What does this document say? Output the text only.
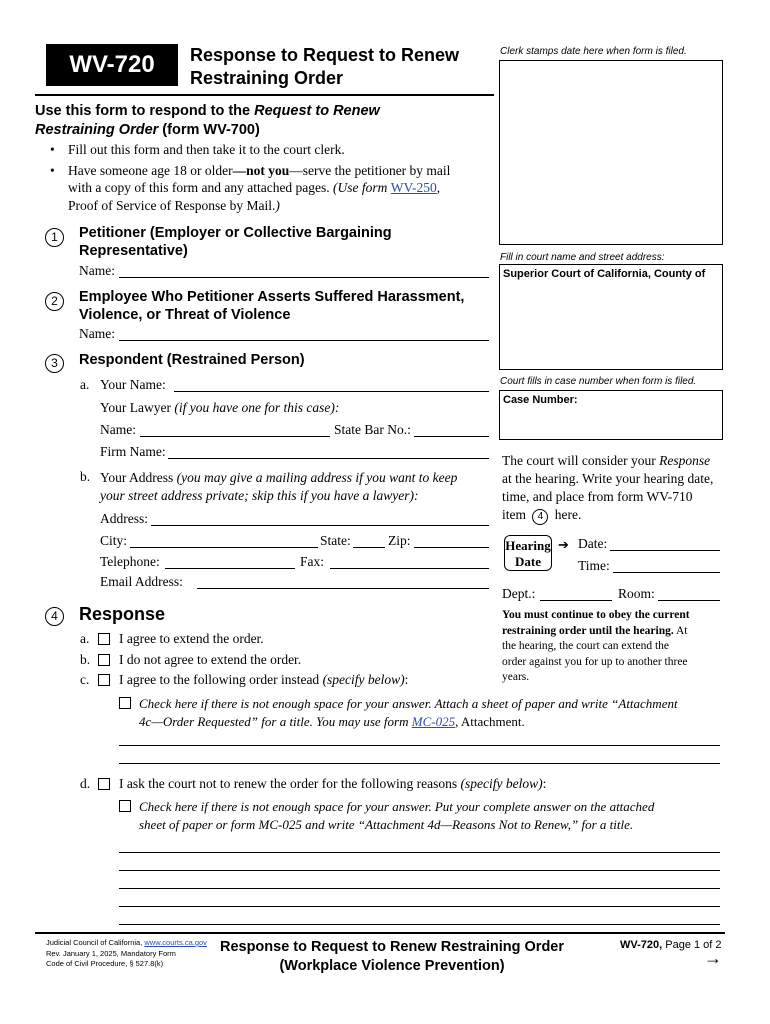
WV-720	Response to Request to Renew
Restraining Order
Clerk stamps date here when form is filed.
Fill in court name and street address:
Superior Court of California, County of
Court fills in case number when form is filed.
Case Number:
The court will consider your Response
at the hearing. Write your hearing date,
time, and place from form WV-710
item 4 here.
Hearing
Date
➔ Date:
Time:
Dept.:	Room:
You must continue to obey the current
restraining order until the hearing. At
the hearing, the court can extend the
order against you for up to another three
years.
Use this form to respond to the Request to Renew
Restraining Order (form WV-700)
• Fill out this form and then take it to the court clerk.
• Have someone age 18 or older—not you—serve the petitioner by mail
with a copy of this form and any attached pages. (Use form WV-250,
Proof of Service of Response by Mail.)
1	Petitioner (Employer or Collective Bargaining
Representative)
Name:
2	Employee Who Petitioner Asserts Suffered Harassment,
Violence, or Threat of Violence
Name:
3	Respondent (Restrained Person)
a. Your Name:
Your Lawyer (if you have one for this case):
Name:	State Bar No.:
Firm Name:
b. Your Address (you may give a mailing address if you want to keep
your street address private; skip this if you have a lawyer):
Address:
City:	State:	Zip:
Telephone:	Fax:
Email Address:
4	Response
a. I agree to extend the order.
b. I do not agree to extend the order.
c. I agree to the following order instead (specify below):
Check here if there is not enough space for your answer. Attach a sheet of paper and write “Attachment
4c—Order Requested” for a title. You may use form MC-025, Attachment.
d. I ask the court not to renew the order for the following reasons (specify below):
Check here if there is not enough space for your answer. Put your complete answer on the attached
sheet of paper or form MC-025 and write “Attachment 4d—Reasons Not to Renew,” for a title.
Judicial Council of California, www.courts.ca.gov
Rev. January 1, 2025, Mandatory Form
Code of Civil Procedure, § 527.8(k)
Response to Request to Renew Restraining Order
(Workplace Violence Prevention)
WV-720, Page 1 of 2
→
